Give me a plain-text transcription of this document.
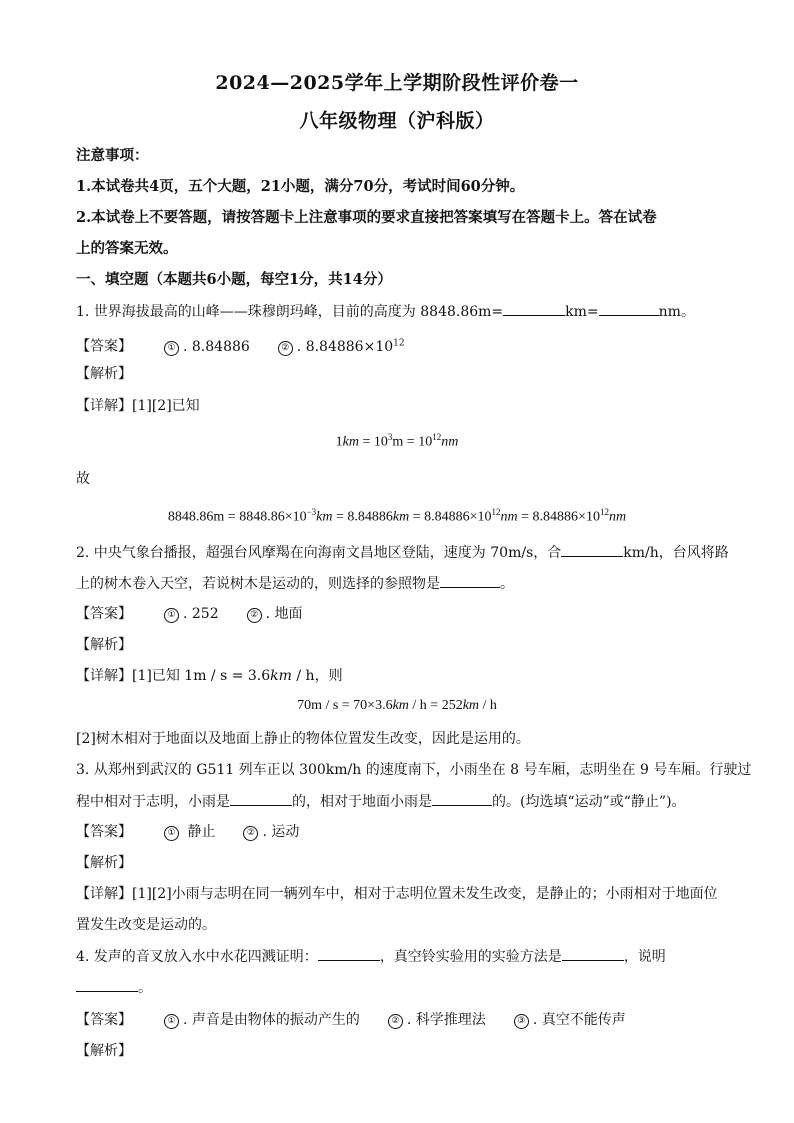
2024—2025学年上学期阶段性评价卷一
八年级物理（沪科版）
注意事项：
1.本试卷共4页，五个大题，21小题，满分70分，考试时间60分钟。
2.本试卷上不要答题，请按答题卡上注意事项的要求直接把答案填写在答题卡上。答在试卷
上的答案无效。
一、填空题（本题共6小题，每空1分，共14分）
1. 世界海拔最高的山峰——珠穆朗玛峰，目前的高度为 8848.86m=	km=	nm。
【答案】	① . 8.84886	② . $8.84886\times 10^{12}$
【解析】
【详解】[1][2]已知
$1km = 10^3m = 10^{12}nm$
故
$8848.86m = 8848.86\times 10^{-3}km = 8.84886km = 8.84886\times 10^{12}nm = 8.84886\times 10^{12}nm$
2. 中央气象台播报，超强台风摩羯在向海南文昌地区登陆，速度为 70m/s，合	km/h，台风将路
上的树木卷入天空，若说树木是运动的，则选择的参照物是	。
【答案】	① . 252	② . 地面
【解析】
【详解】[1]已知 1m / s = 3.6km / h，则
70m / s = 70×3.6km / h = 252km / h
[2]树木相对于地面以及地面上静止的物体位置发生改变，因此是运用的。
3. 从郑州到武汉的 G511 列车正以 300km/h 的速度南下，小雨坐在 8 号车厢，志明坐在 9 号车厢。行驶过
程中相对于志明，小雨是	的，相对于地面小雨是	的。(均选填“运动”或“静止”)。
【答案】	① 静止	② . 运动
【解析】
【详解】[1][2]小雨与志明在同一辆列车中，相对于志明位置未发生改变，是静止的；小雨相对于地面位
置发生改变是运动的。
4. 发声的音叉放入水中水花四溅证明：	，真空铃实验用的实验方法是	，说明
。
【答案】	① . 声音是由物体的振动产生的	② . 科学推理法	③ . 真空不能传声
【解析】
